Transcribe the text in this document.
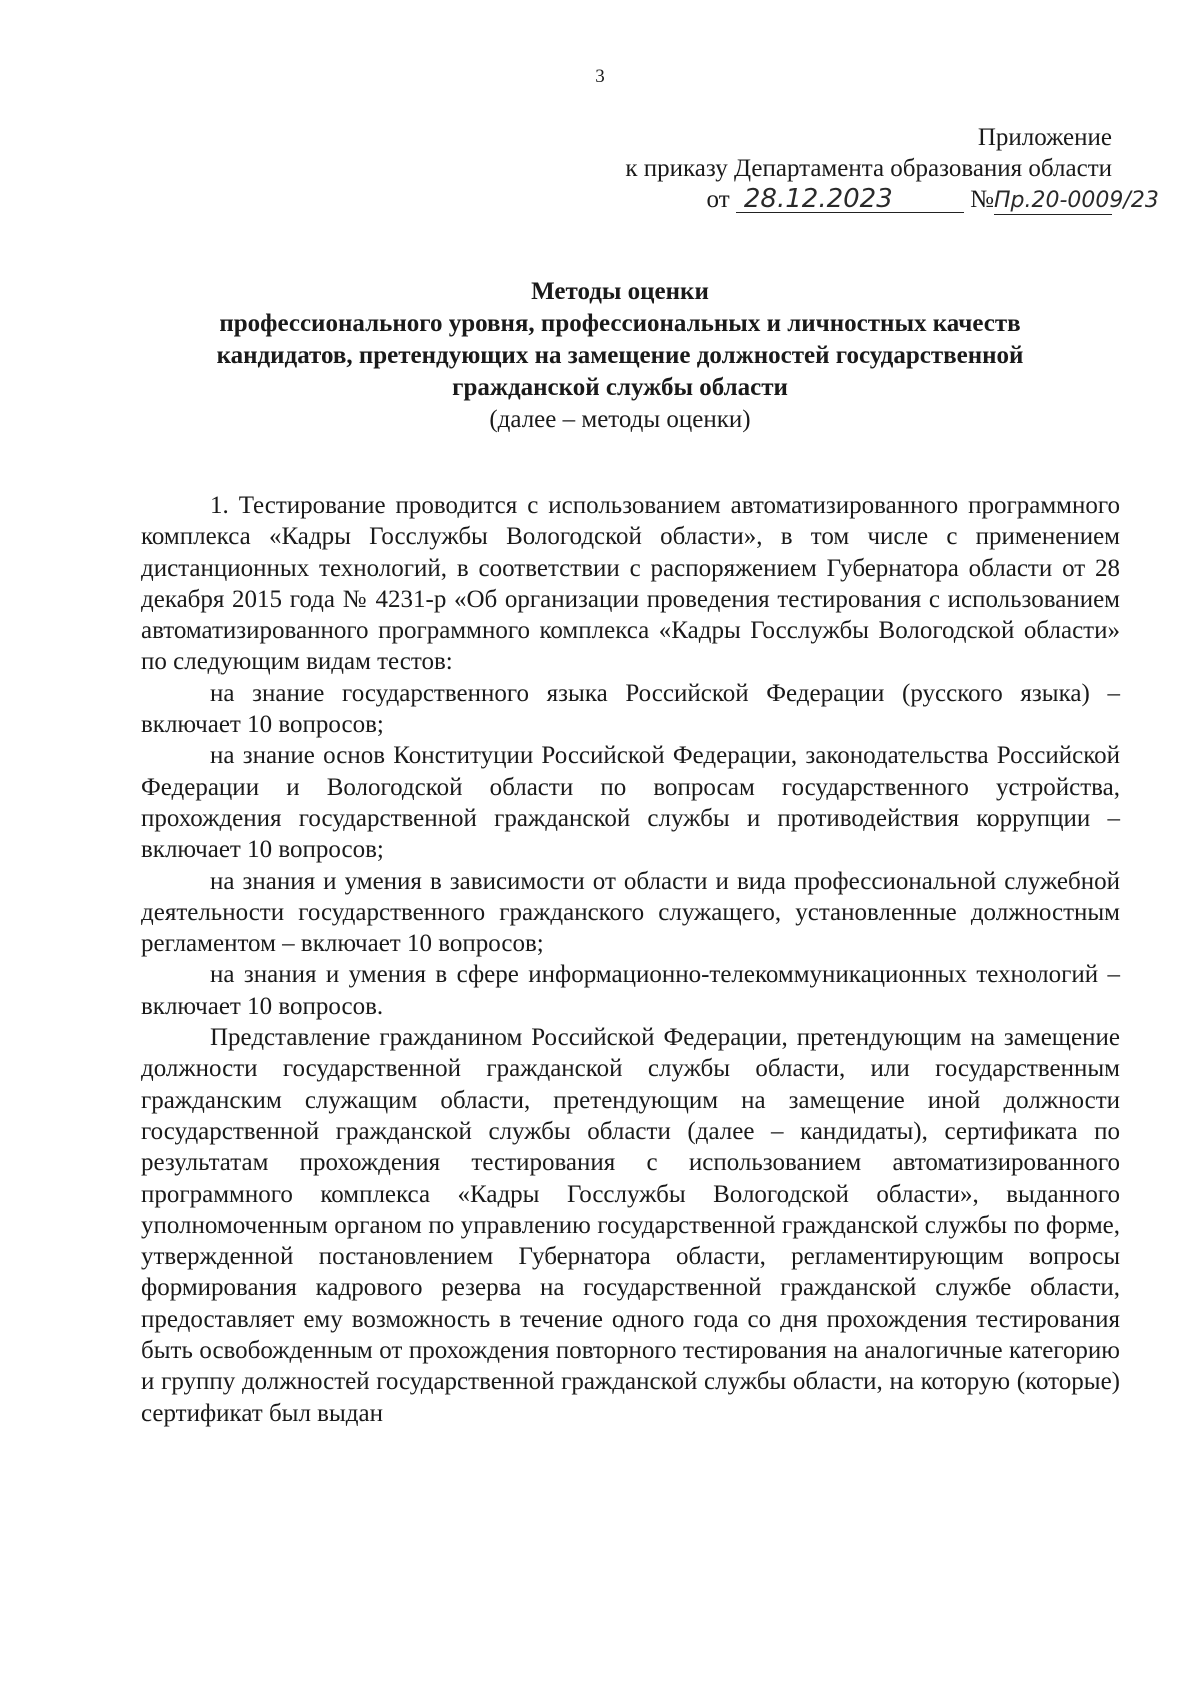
3
Приложение
к приказу Департамента образования области
от 28.12.2023	№Пр.20-0009/23
Методы оценки
профессионального уровня, профессиональных и личностных качеств
кандидатов, претендующих на замещение должностей государственной
гражданской службы области
(далее – методы оценки)

1. Тестирование проводится с использованием автоматизированного программного комплекса «Кадры Госслужбы Вологодской области», в том числе с применением дистанционных технологий, в соответствии с распоряжением Губернатора области от 28 декабря 2015 года № 4231-р «Об организации проведения тестирования с использованием автоматизированного программного комплекса «Кадры Госслужбы Вологодской области» по следующим видам тестов:

на знание государственного языка Российской Федерации (русского языка) – включает 10 вопросов;

на знание основ Конституции Российской Федерации, законодательства Российской Федерации и Вологодской области по вопросам государственного устройства, прохождения государственной гражданской службы и противодействия коррупции – включает 10 вопросов;

на знания и умения в зависимости от области и вида профессиональной служебной деятельности государственного гражданского служащего, установленные должностным регламентом – включает 10 вопросов;

на знания и умения в сфере информационно-телекоммуникационных технологий – включает 10 вопросов.

Представление гражданином Российской Федерации, претендующим на замещение должности государственной гражданской службы области, или государственным гражданским служащим области, претендующим на замещение иной должности государственной гражданской службы области (далее – кандидаты), сертификата по результатам прохождения тестирования с использованием автоматизированного программного комплекса «Кадры Госслужбы Вологодской области», выданного уполномоченным органом по управлению государственной гражданской службы по форме, утвержденной постановлением Губернатора области, регламентирующим вопросы формирования кадрового резерва на государственной гражданской службе области, предоставляет ему возможность в течение одного года со дня прохождения тестирования быть освобожденным от прохождения повторного тестирования на аналогичные категорию и группу должностей государственной гражданской службы области, на которую (которые) сертификат был выдан
